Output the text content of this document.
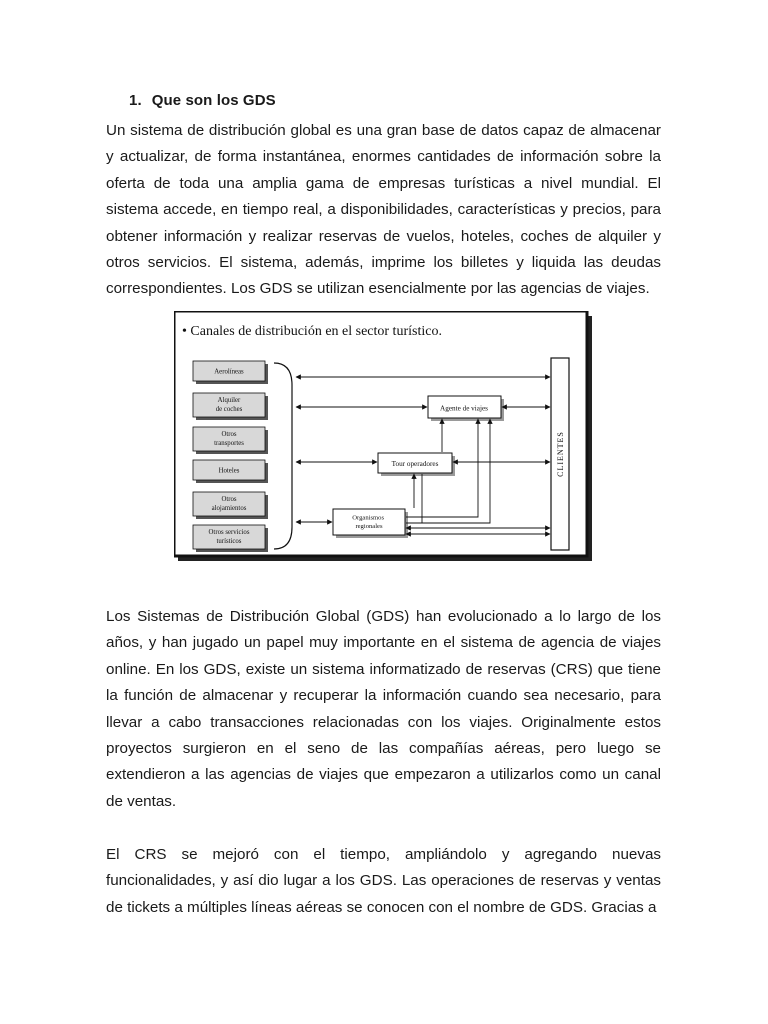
1. Que son los GDS

Un sistema de distribución global es una gran base de datos capaz de almacenar y actualizar, de forma instantánea, enormes cantidades de información sobre la oferta de toda una amplia gama de empresas turísticas a nivel mundial. El sistema accede, en tiempo real, a disponibilidades, características y precios, para obtener información y realizar reservas de vuelos, hoteles, coches de alquiler y otros servicios. El sistema, además, imprime los billetes y liquida las deudas correspondientes. Los GDS se utilizan esencialmente por las agencias de viajes.

• Canales de distribución en el sector turístico.
Aerolíneas
Alquiler de coches
Otros transportes
Hoteles
Otros alojamientos
Otros servicios turísticos
CLIENTES
Agente de viajes
Tour operadores
Organismos regionales

Los Sistemas de Distribución Global (GDS) han evolucionado a lo largo de los años, y han jugado un papel muy importante en el sistema de agencia de viajes online. En los GDS, existe un sistema informatizado de reservas (CRS) que tiene la función de almacenar y recuperar la información cuando sea necesario, para llevar a cabo transacciones relacionadas con los viajes. Originalmente estos proyectos surgieron en el seno de las compañías aéreas, pero luego se extendieron a las agencias de viajes que empezaron a utilizarlos como un canal de ventas.

El CRS se mejoró con el tiempo, ampliándolo y agregando nuevas funcionalidades, y así dio lugar a los GDS. Las operaciones de reservas y ventas de tickets a múltiples líneas aéreas se conocen con el nombre de GDS. Gracias a
